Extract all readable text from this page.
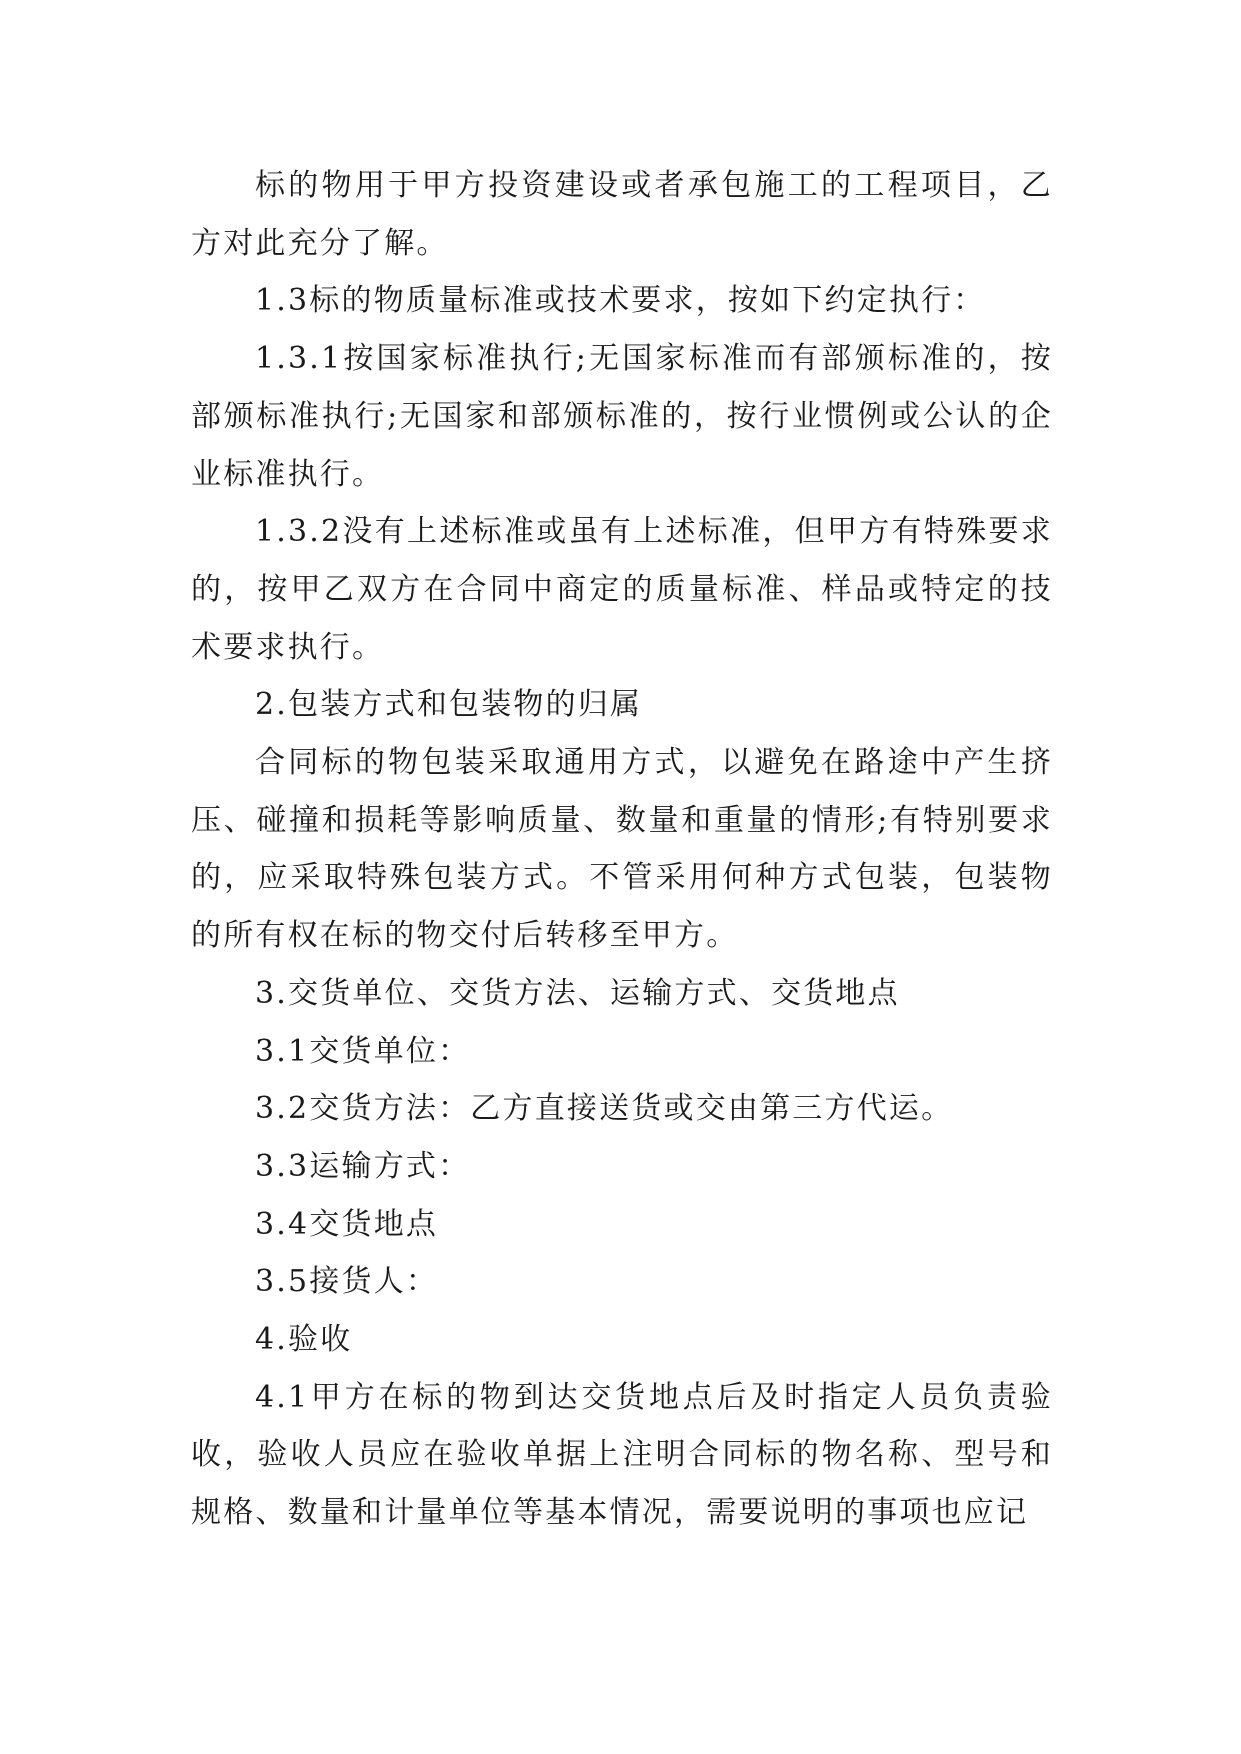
标的物用于甲方投资建设或者承包施工的工程项目，乙方对此充分了解。

1.3标的物质量标准或技术要求，按如下约定执行：

1.3.1按国家标准执行;无国家标准而有部颁标准的，按部颁标准执行;无国家和部颁标准的，按行业惯例或公认的企业标准执行。

1.3.2没有上述标准或虽有上述标准，但甲方有特殊要求的，按甲乙双方在合同中商定的质量标准、样品或特定的技术要求执行。

2.包装方式和包装物的归属

合同标的物包装采取通用方式，以避免在路途中产生挤压、碰撞和损耗等影响质量、数量和重量的情形;有特别要求的，应采取特殊包装方式。不管采用何种方式包装，包装物的所有权在标的物交付后转移至甲方。

3.交货单位、交货方法、运输方式、交货地点

3.1交货单位：

3.2交货方法：乙方直接送货或交由第三方代运。

3.3运输方式：

3.4交货地点

3.5接货人：

4.验收

4.1甲方在标的物到达交货地点后及时指定人员负责验收，验收人员应在验收单据上注明合同标的物名称、型号和规格、数量和计量单位等基本情况，需要说明的事项也应记
